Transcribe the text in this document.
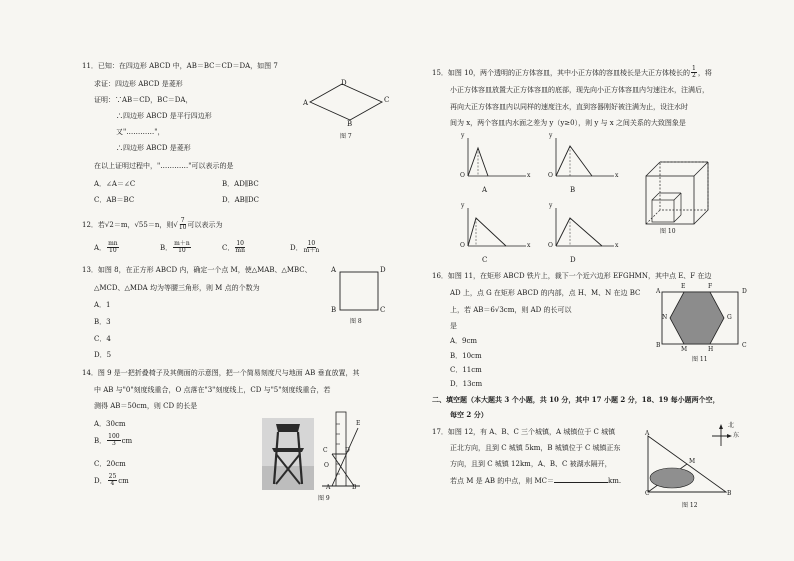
11．已知：在四边形 ABCD 中，AB＝BC＝CD＝DA，如图 7
求证：四边形 ABCD 是菱形
证明：∵AB＝CD，BC＝DA，
∴四边形 ABCD 是平行四边形
又"…………"，
∴四边形 ABCD 是菱形
在以上证明过程中，"…………"可以表示的是
A．∠A＝∠C	B．AD∥BC
C．AB＝BC	D．AB∥DC
A
D
C
B
图 7
12．若√2＝m，√55＝n，则√ $\frac{7}{10}$ 可以表示为
A． $\frac{mn}{10}$	B． $\frac{m+n}{10}$	C． $\frac{10}{mn}$	D． $\frac{10}{m+n}$
13．如图 8，在正方形 ABCD 内，确定一个点 M，使△MAB、△MBC、
△MCD、△MDA 均为等腰三角形，则 M 点的个数为
A．1
B．3
C．4
D．5
A	D
B	C
图 8
14．图 9 是一把折叠椅子及其侧面的示意图，把一个简易刻度尺与地面 AB 垂直放置，其
中 AB 与"0"刻度线重合，O 点落在"3"刻度线上，CD 与"5"刻度线重合，若
测得 AB＝50cm，则 CD 的长是
A．30cm
B． $\frac{100}{3}$ cm
C．20cm
D． $\frac{25}{4}$ cm
E
C	D
O
A	B
图 9
15．如图 10，两个透明的正方体容皿，其中小正方体的容皿棱长是大正方体棱长的 $\frac{1}{2}$ ，将
小正方体容皿放置大正方体容皿的底部，现先向小正方体容皿内匀速注水，注满后，
再向大正方体容皿内以同样的速度注水，直到容器刚好被注满为止，设注水时
间为 x，两个容皿内水面之差为 y（y≥0），则 y 与 x 之间关系的大致图象是
y
x
O
A
y
x
O
B
y
x
O
C
y
x
O
D
图 10
16．如图 11，在矩形 ABCD 铁片上，裁下一个近六边形 EFGHMN，其中点 E、F 在边
AD 上，点 G 在矩形 ABCD 的内部，点 H、M、N 在边 BC
上，若 AB＝6√3cm，则 AD 的长可以
是
A．9cm
B．10cm
C．11cm
D．13cm
A
E	F
D
N	G
B
M	H
C
图 11
二、填空题（本大题共 3 个小题，共 10 分，其中 17 小题 2 分，18、19 每小题两个空，
每空 2 分）
17．如图 12，有 A、B、C 三个城镇，A 城镇位于 C 城镇
正北方向，且到 C 城镇 5km，B 城镇位于 C 城镇正东
方向，且到 C 城镇 12km，A、B、C 被湖水隔开，
若点 M 是 AB 的中点，则 MC＝	km.
A
M
C	B
图 12
北
东
